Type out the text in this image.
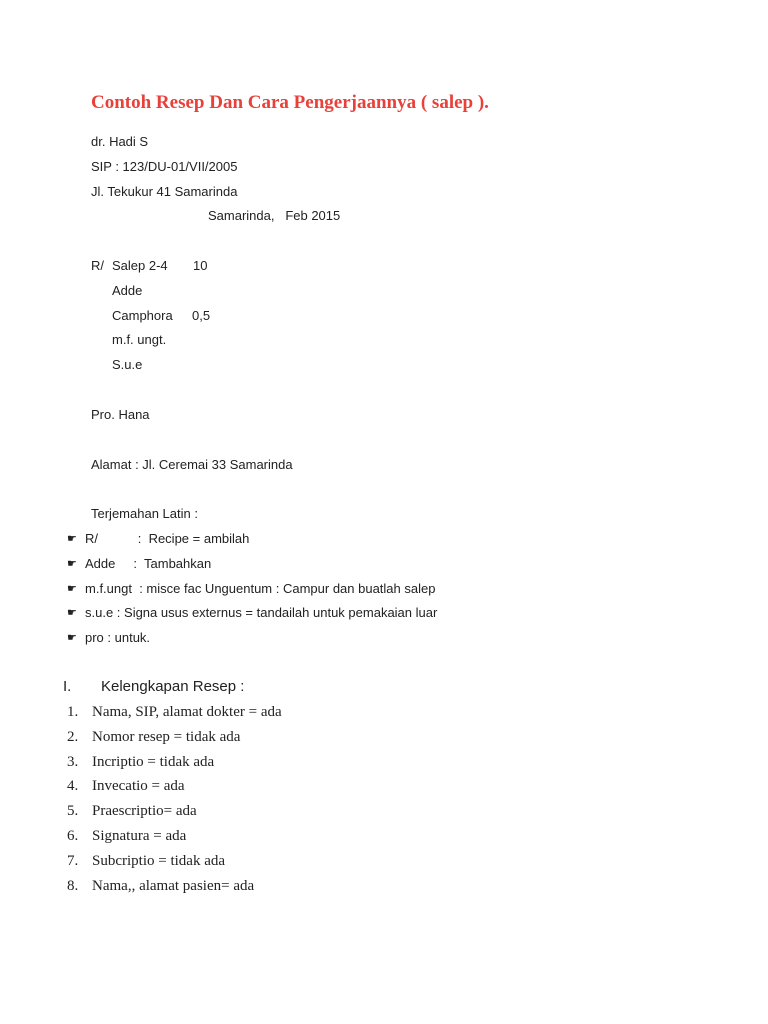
Contoh Resep Dan Cara Pengerjaannya ( salep ).
dr. Hadi S
SIP : 123/DU-01/VII/2005
Jl. Tekukur 41 Samarinda
Samarinda,   Feb 2015
R/ Salep 2-4 10
Adde
Camphora 0,5
m.f. ungt.
S.u.e
Pro. Hana
Alamat : Jl. Ceremai 33 Samarinda
Terjemahan Latin :
☛ R/           :  Recipe = ambilah
☛ Adde     :  Tambahkan
☛ m.f.ungt  : misce fac Unguentum : Campur dan buatlah salep
☛ s.u.e : Signa usus externus = tandailah untuk pemakaian luar
☛ pro : untuk.
I. Kelengkapan Resep :
1. Nama, SIP, alamat dokter = ada
2. Nomor resep = tidak ada
3. Incriptio = tidak ada
4. Invecatio = ada
5. Praescriptio= ada
6. Signatura = ada
7. Subcriptio = tidak ada
8. Nama,, alamat pasien= ada
